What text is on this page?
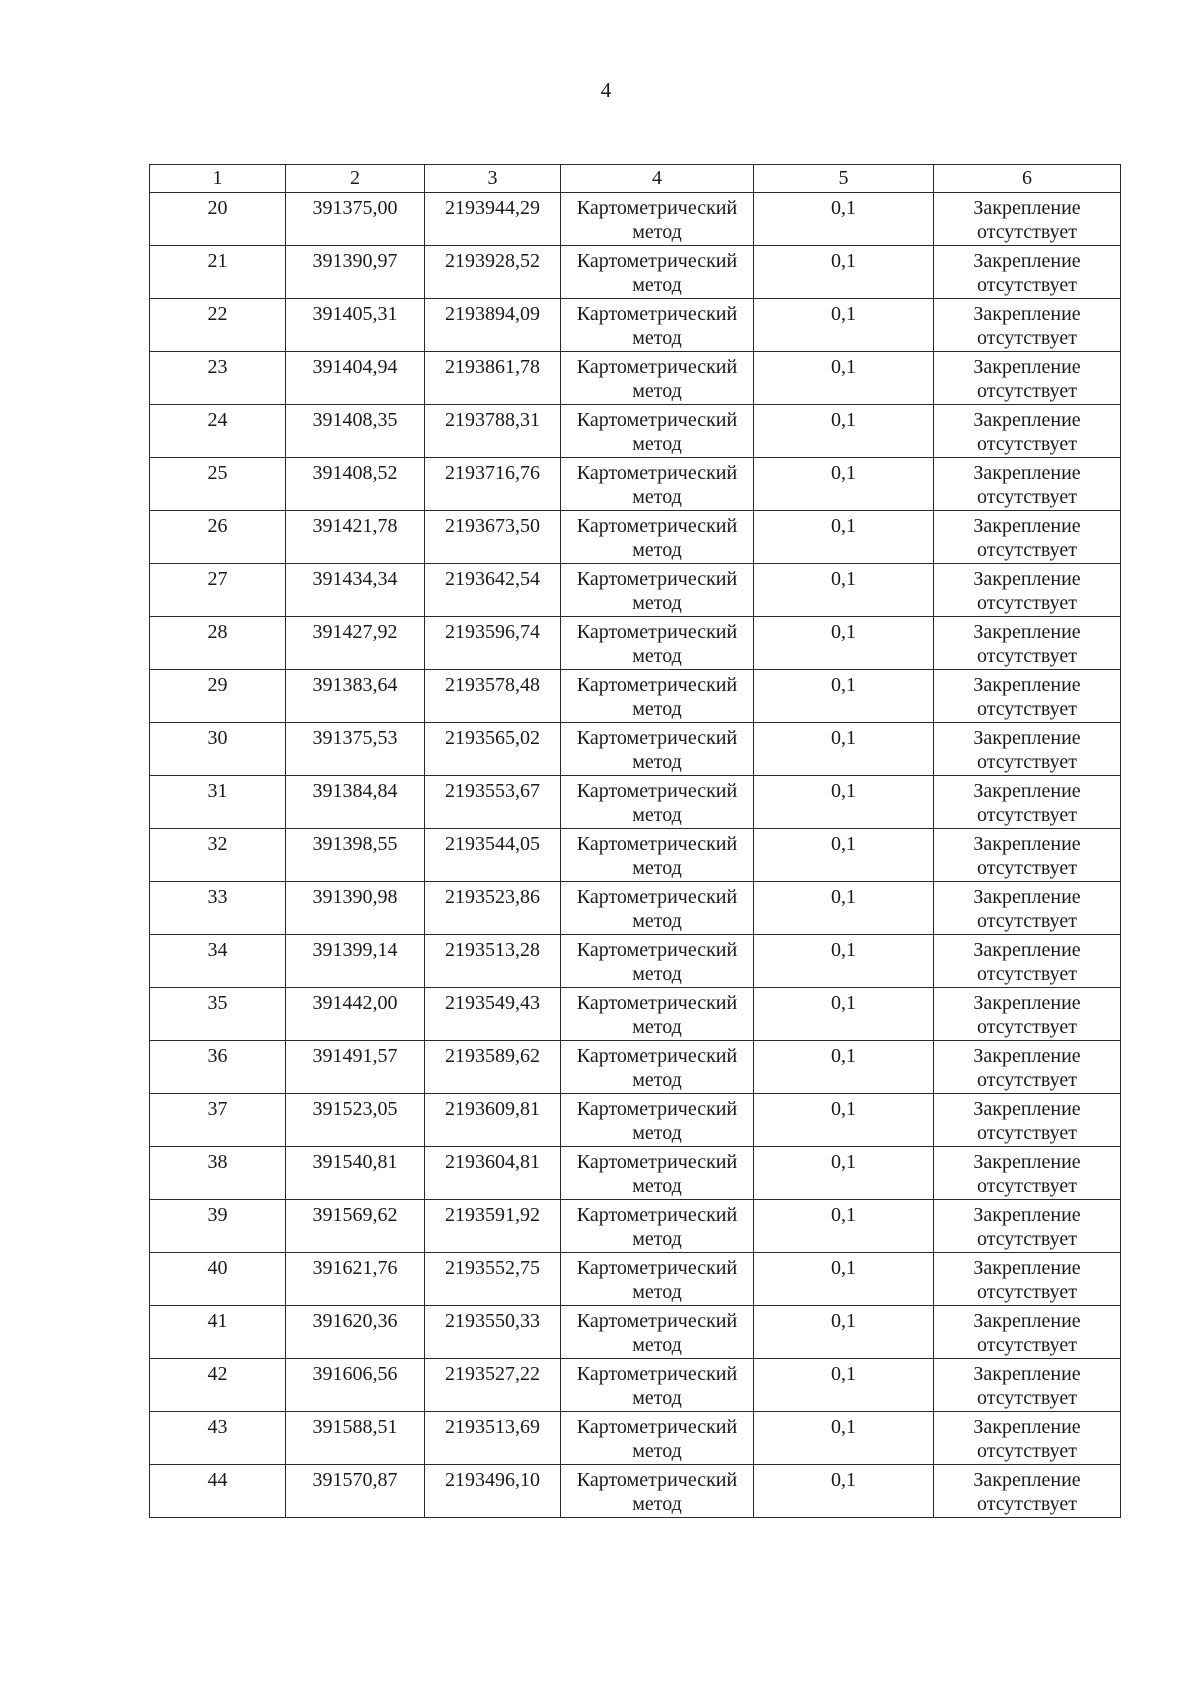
4
1	2	3	4	5	6
20	391375,00	2193944,29	Картометрический метод	0,1	Закрепление отсутствует
21	391390,97	2193928,52	Картометрический метод	0,1	Закрепление отсутствует
22	391405,31	2193894,09	Картометрический метод	0,1	Закрепление отсутствует
23	391404,94	2193861,78	Картометрический метод	0,1	Закрепление отсутствует
24	391408,35	2193788,31	Картометрический метод	0,1	Закрепление отсутствует
25	391408,52	2193716,76	Картометрический метод	0,1	Закрепление отсутствует
26	391421,78	2193673,50	Картометрический метод	0,1	Закрепление отсутствует
27	391434,34	2193642,54	Картометрический метод	0,1	Закрепление отсутствует
28	391427,92	2193596,74	Картометрический метод	0,1	Закрепление отсутствует
29	391383,64	2193578,48	Картометрический метод	0,1	Закрепление отсутствует
30	391375,53	2193565,02	Картометрический метод	0,1	Закрепление отсутствует
31	391384,84	2193553,67	Картометрический метод	0,1	Закрепление отсутствует
32	391398,55	2193544,05	Картометрический метод	0,1	Закрепление отсутствует
33	391390,98	2193523,86	Картометрический метод	0,1	Закрепление отсутствует
34	391399,14	2193513,28	Картометрический метод	0,1	Закрепление отсутствует
35	391442,00	2193549,43	Картометрический метод	0,1	Закрепление отсутствует
36	391491,57	2193589,62	Картометрический метод	0,1	Закрепление отсутствует
37	391523,05	2193609,81	Картометрический метод	0,1	Закрепление отсутствует
38	391540,81	2193604,81	Картометрический метод	0,1	Закрепление отсутствует
39	391569,62	2193591,92	Картометрический метод	0,1	Закрепление отсутствует
40	391621,76	2193552,75	Картометрический метод	0,1	Закрепление отсутствует
41	391620,36	2193550,33	Картометрический метод	0,1	Закрепление отсутствует
42	391606,56	2193527,22	Картометрический метод	0,1	Закрепление отсутствует
43	391588,51	2193513,69	Картометрический метод	0,1	Закрепление отсутствует
44	391570,87	2193496,10	Картометрический метод	0,1	Закрепление отсутствует
